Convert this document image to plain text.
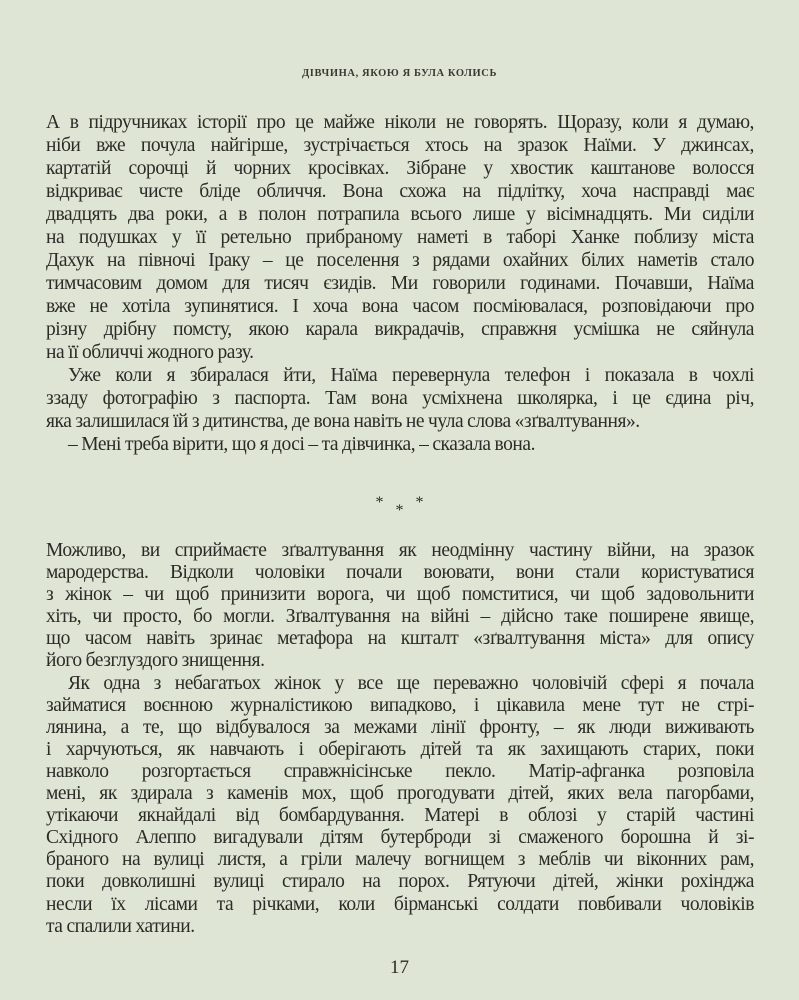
ДІВЧИНА, ЯКОЮ Я БУЛА КОЛИСЬ
А в підручниках історії про це майже ніколи не говорять. Щоразу, коли я думаю,
ніби вже почула найгірше, зустрічається хтось на зразок Наїми. У джинсах,
картатій сорочці й чорних кросівках. Зібране у хвостик каштанове волосся
відкриває чисте бліде обличчя. Вона схожа на підлітку, хоча насправді має
двадцять два роки, а в полон потрапила всього лише у вісімнадцять. Ми сиділи
на подушках у її ретельно прибраному наметі в таборі Ханке поблизу міста
Дахук на півночі Іраку – це поселення з рядами охайних білих наметів стало
тимчасовим домом для тисяч єзидів. Ми говорили годинами. Почавши, Наїма
вже не хотіла зупинятися. І хоча вона часом посміювалася, розповідаючи про
різну дрібну помсту, якою карала викрадачів, справжня усмішка не сяйнула
на її обличчі жодного разу.
Уже коли я збиралася йти, Наїма перевернула телефон і показала в чохлі
ззаду фотографію з паспорта. Там вона усміхнена школярка, і це єдина річ,
яка залишилася їй з дитинства, де вона навіть не чула слова «зґвалтування».
– Мені треба вірити, що я досі – та дівчинка, – сказала вона.
* * *
Можливо, ви сприймаєте зґвалтування як неодмінну частину війни, на зразок
мародерства. Відколи чоловіки почали воювати, вони стали користуватися
з жінок – чи щоб принизити ворога, чи щоб помститися, чи щоб задовольнити
хіть, чи просто, бо могли. Зґвалтування на війні – дійсно таке поширене явище,
що часом навіть зринає метафора на кшталт «зґвалтування міста» для опису
його безглуздого знищення.
Як одна з небагатьох жінок у все ще переважно чоловічій сфері я почала
займатися воєнною журналістикою випадково, і цікавила мене тут не стрі-
лянина, а те, що відбувалося за межами лінії фронту, – як люди виживають
і харчуються, як навчають і оберігають дітей та як захищають старих, поки
навколо розгортається справжнісінське пекло. Матір-афганка розповіла
мені, як здирала з каменів мох, щоб прогодувати дітей, яких вела пагорбами,
утікаючи якнайдалі від бомбардування. Матері в облозі у старій частині
Східного Алеппо вигадували дітям бутерброди зі смаженого борошна й зі-
браного на вулиці листя, а гріли малечу вогнищем з меблів чи віконних рам,
поки довколишні вулиці стирало на порох. Рятуючи дітей, жінки рохінджа
несли їх лісами та річками, коли бірманські солдати повбивали чоловіків
та спалили хатини.
17
